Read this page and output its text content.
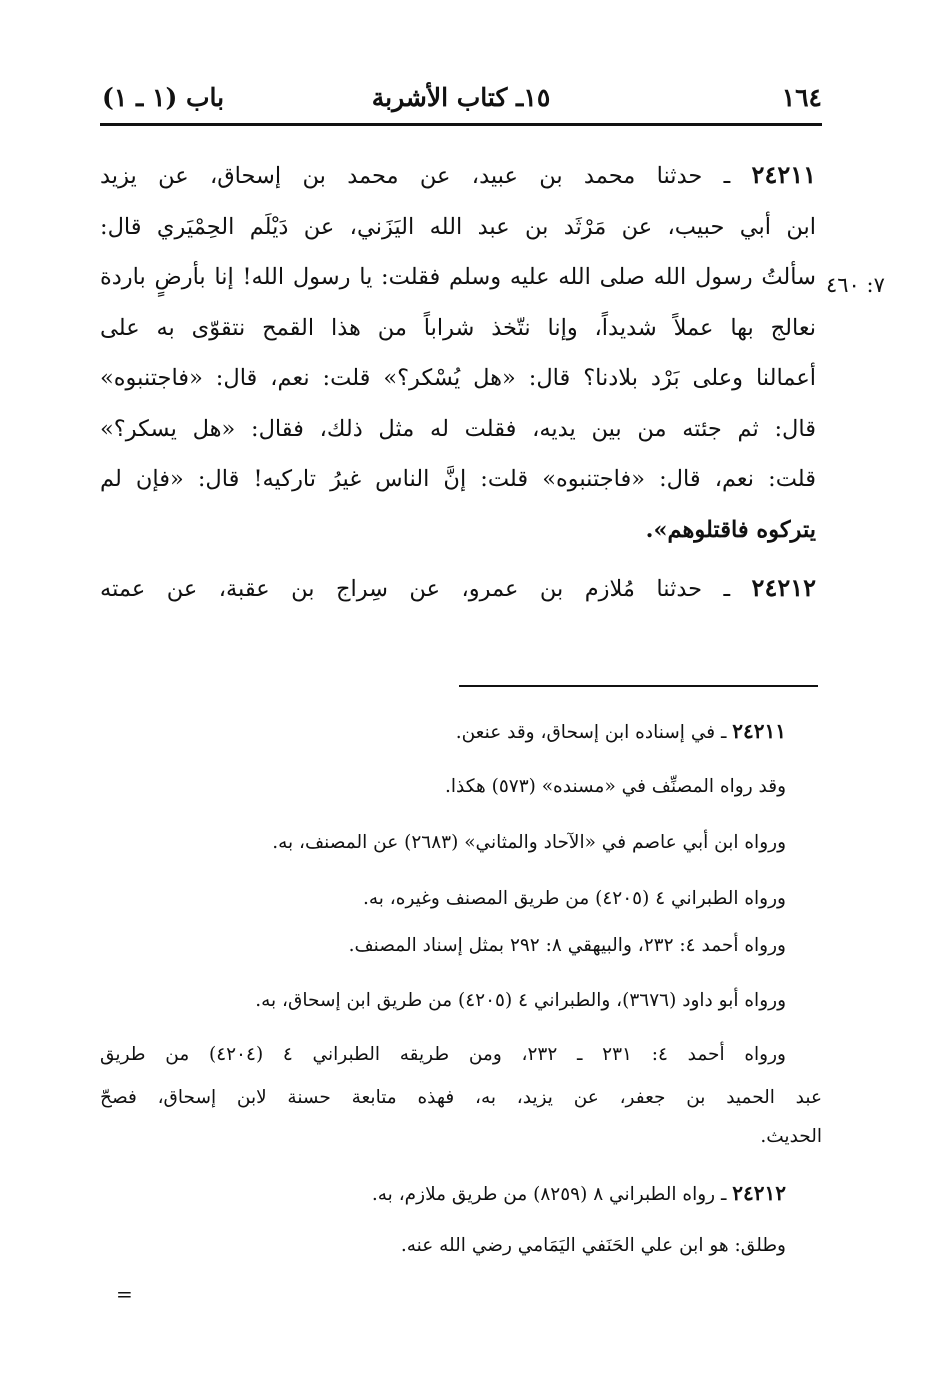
١٦٤
١٥ـ كتاب الأشربة
باب (١ ـ ١)
٧: ٤٦٠

٢٤٢١١ ـ حدثنا محمد بن عبيد، عن محمد بن إسحاق، عن يزيد

ابن أبي حبيب، عن مَرْثَد بن عبد الله اليَزَني، عن دَيْلَم الحِمْيَري قال:

سألتُ رسول الله صلى الله عليه وسلم فقلت: يا رسول الله! إنا بأرضٍ باردة

نعالج بها عملاً شديداً، وإنا نتّخذ شراباً من هذا القمح نتقوّى به على

أعمالنا وعلى بَرْد بلادنا؟ قال: «هل يُسْكر؟» قلت: نعم، قال: «فاجتنبوه»

قال: ثم جئته من بين يديه، فقلت له مثل ذلك، فقال: «هل يسكر؟»

قلت: نعم، قال: «فاجتنبوه» قلت: إنَّ الناس غيرُ تاركيه! قال: «فإن لم

يتركوه فاقتلوهم».

٢٤٢١٢ ـ حدثنا مُلازم بن عمرو، عن سِراج بن عقبة، عن عمته

٢٤٢١١ ـ في إسناده ابن إسحاق، وقد عنعن.
وقد رواه المصنِّف في «مسنده» (٥٧٣) هكذا.
ورواه ابن أبي عاصم في «الآحاد والمثاني» (٢٦٨٣) عن المصنف، به.
ورواه الطبراني ٤ (٤٢٠٥) من طريق المصنف وغيره، به.
ورواه أحمد ٤: ٢٣٢، والبيهقي ٨: ٢٩٢ بمثل إسناد المصنف.
ورواه أبو داود (٣٦٧٦)، والطبراني ٤ (٤٢٠٥) من طريق ابن إسحاق، به.
ورواه أحمد ٤: ٢٣١ ـ ٢٣٢، ومن طريقه الطبراني ٤ (٤٢٠٤) من طريق
عبد الحميد بن جعفر، عن يزيد، به، فهذه متابعة حسنة لابن إسحاق، فصحّ
الحديث.
٢٤٢١٢ ـ رواه الطبراني ٨ (٨٢٥٩) من طريق ملازم، به.
وطلق: هو ابن علي الحَنَفي اليَمَامي رضي الله عنه.
=
